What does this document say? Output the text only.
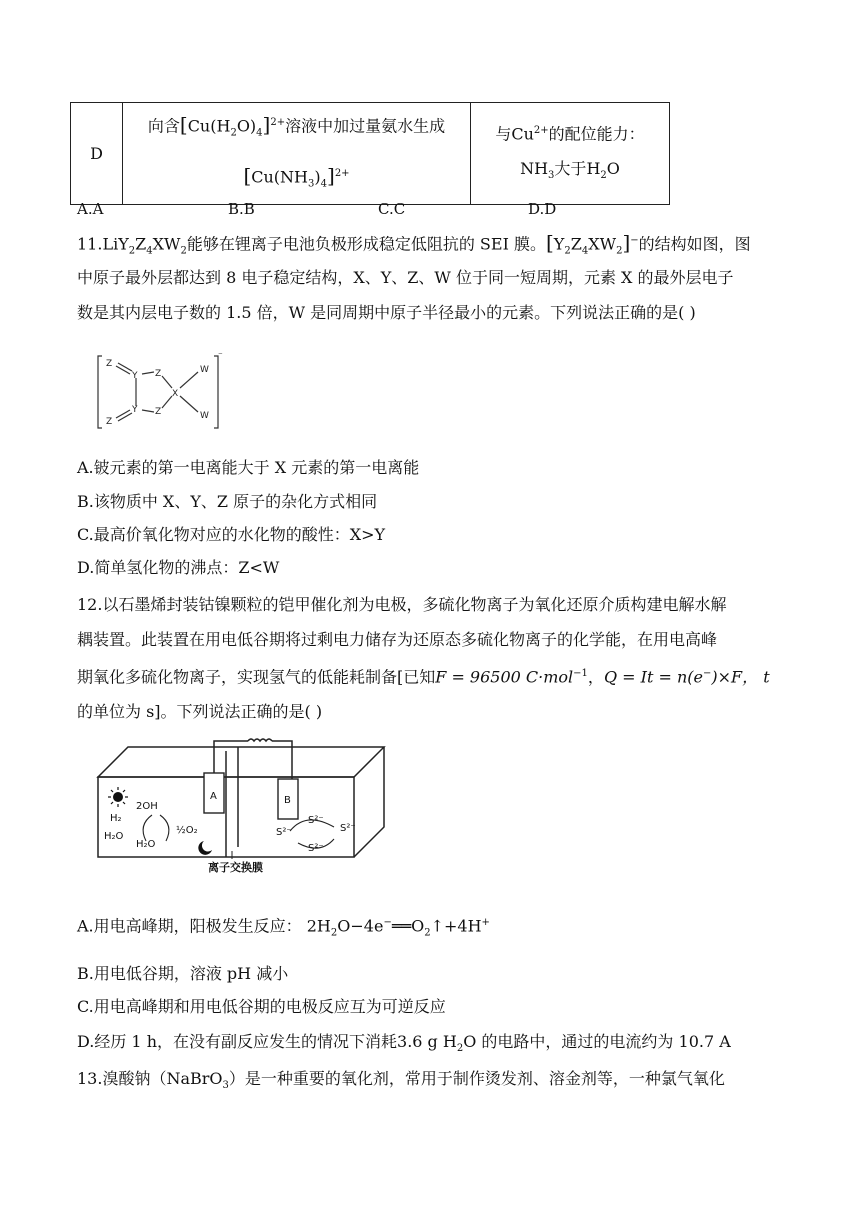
D	
向含$[Cu(H_2O)_4]^{2+}$溶液中加过量氨水生成
$[Cu(NH_3)_4]^{2+}$

与$Cu^{2+}$的配位能力：
$NH_3$大于$H_2O$
A.A	B.B	C.C	D.D
$11.LiY_2Z_4XW_2$能够在锂离子电池负极形成稳定低阻抗的 SEI 膜。$[Y_2Z_4XW_2]^-$的结构如图，图
中原子最外层都达到 8 电子稳定结构，X、Y、Z、W 位于同一短周期，元素 X 的最外层电子
数是其内层电子数的 1.5 倍，W 是同周期中原子半径最小的元素。下列说法正确的是( )
Z
Z
Y
Y
Z
Z
X
W
W
⁻
A.铍元素的第一电离能大于 X 元素的第一电离能
B.该物质中 X、Y、Z 原子的杂化方式相同
C.最高价氧化物对应的水化物的酸性：X>Y
D.简单氢化物的沸点：Z<W
12.以石墨烯封装钴镍颗粒的铠甲催化剂为电极，多硫化物离子为氧化还原介质构建电解水解
耦装置。此装置在用电低谷期将过剩电力储存为还原态多硫化物离子的化学能，在用电高峰
期氧化多硫化物离子，实现氢气的低能耗制备[已知F = 96500 C·mol$^{-1}$，Q = It = n(e−)×F， t
的单位为 s]。下列说法正确的是( )
A	B
2OH
H₂
H₂O
H₂O
½O₂	S²⁻
S²⁻
S²⁻
S²⁻
离子交换膜
A.用电高峰期，阳极发生反应： $2H_2O-4e^-══O_2↑+4H^+$
B.用电低谷期，溶液 pH 减小
C.用电高峰期和用电低谷期的电极反应互为可逆反应
D.经历 1 h，在没有副反应发生的情况下消耗3.6 g $H_2O$ 的电路中，通过的电流约为 10.7 A
13.溴酸钠（NaBrO$_3$）是一种重要的氧化剂，常用于制作烫发剂、溶金剂等，一种氯气氧化
